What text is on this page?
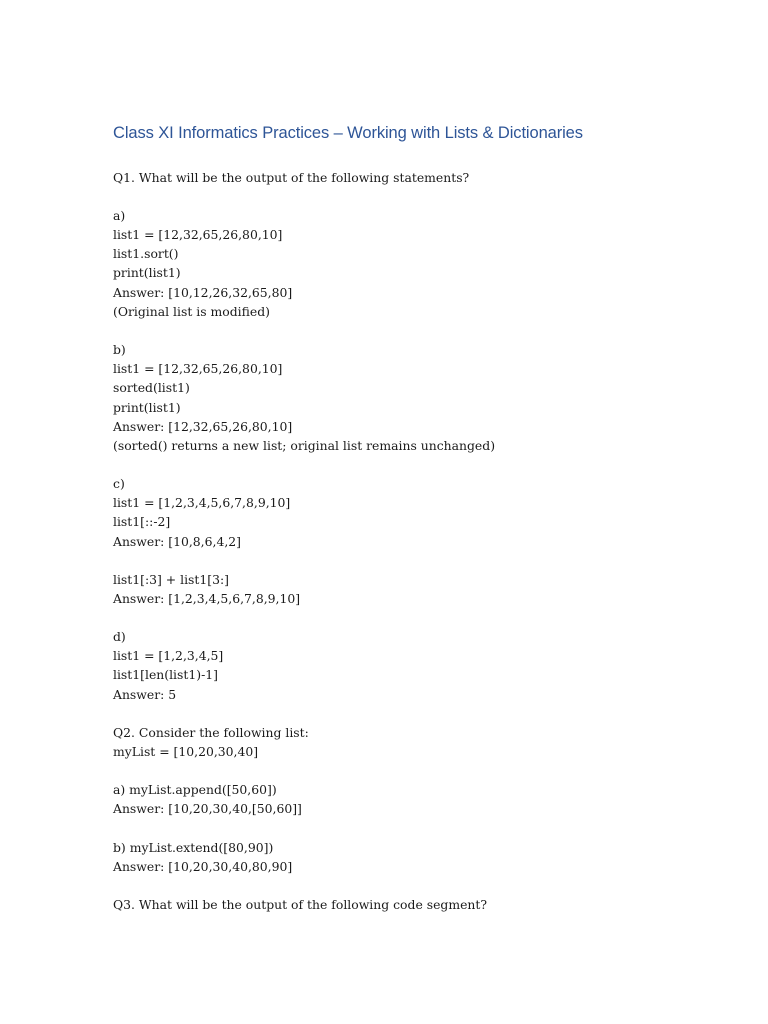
Class XI Informatics Practices – Working with Lists & Dictionaries
Q1. What will be the output of the following statements?
a)
list1 = [12,32,65,26,80,10]
list1.sort()
print(list1)
Answer: [10,12,26,32,65,80]
(Original list is modified)
b)
list1 = [12,32,65,26,80,10]
sorted(list1)
print(list1)
Answer: [12,32,65,26,80,10]
(sorted() returns a new list; original list remains unchanged)
c)
list1 = [1,2,3,4,5,6,7,8,9,10]
list1[::-2]
Answer: [10,8,6,4,2]
list1[:3] + list1[3:]
Answer: [1,2,3,4,5,6,7,8,9,10]
d)
list1 = [1,2,3,4,5]
list1[len(list1)-1]
Answer: 5
Q2. Consider the following list:
myList = [10,20,30,40]
a) myList.append([50,60])
Answer: [10,20,30,40,[50,60]]
b) myList.extend([80,90])
Answer: [10,20,30,40,80,90]
Q3. What will be the output of the following code segment?
